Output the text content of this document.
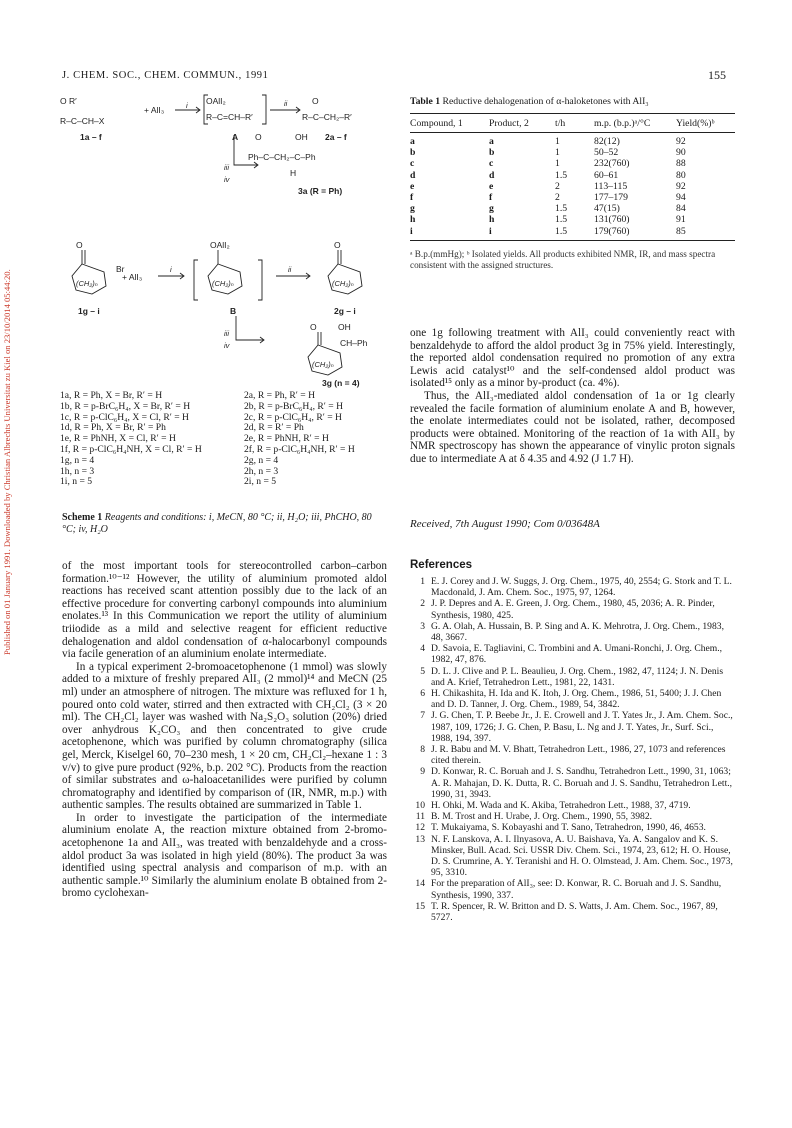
Published on 01 January 1991. Downloaded by Christian Albrechts Universitat zu Kiel on 23/10/2014 05:44:20.
J. CHEM. SOC., CHEM. COMMUN., 1991	155
O R′
R–C–CH–X
+ AlI₃
OAlI₂
R–C=CH–R′
O
R–C–CH₂–R′
O	OH
Ph–C–CH₂–C–Ph
H
Br
+ AlI₃
OAlI₂
O	O
O	OH
CH–Ph
(CH₂)ₙ	(CH₂)ₙ	(CH₂)ₙ
(CH₂)ₙ
i	ii
i	ii
iii
iv
iii
iv
1a – f	A	2a – f
3a (R = Ph)
1g – i	B	2g – i
3g (n = 4)
1a, R = Ph, X = Br, R′ = H	2a, R = Ph, R′ = H
1b, R = p-BrC₆H₄, X = Br, R′ = H	2b, R = p-BrC₆H₄, R′ = H
1c, R = p-ClC₆H₄, X = Cl, R′ = H	2c, R = p-ClC₆H₄, R′ = H
1d, R = Ph, X = Br, R′ = Ph	2d, R = R′ = Ph
1e, R = PhNH, X = Cl, R′ = H	2e, R = PhNH, R′ = H
1f, R = p-ClC₆H₄NH, X = Cl, R′ = H	2f, R = p-ClC₆H₄NH, R′ = H
1g, n = 4	2g, n = 4
1h, n = 3	2h, n = 3
1i, n = 5	2i, n = 5
Scheme 1 Reagents and conditions: i, MeCN, 80 °C; ii, H₂O; iii, PhCHO, 80 °C; iv, H₂O
Table 1 Reductive dehalogenation of α-haloketones with AlI₃
Compound, 1	Product, 2	t/h	m.p. (b.p.)ᵃ/°C	Yield(%)ᵇ
a	a	1	82(12)	92
b	b	1	50–52	90
c	c	1	232(760)	88
d	d	1.5	60–61	80
e	e	2	113–115	92
f	f	2	177–179	94
g	g	1.5	47(15)	84
h	h	1.5	131(760)	91
i	i	1.5	179(760)	85
ᵃ B.p.(mmHg); ᵇ Isolated yields. All products exhibited NMR, IR, and mass spectra consistent with the assigned structures.

one 1g following treatment with AlI₃ could conveniently react with benzaldehyde to afford the aldol product 3g in 75% yield. Interestingly, the reported aldol condensation required no promotion of any extra Lewis acid catalyst¹⁰ and the self-condensed aldol product was isolated¹⁵ only as a minor by-product (ca. 4%).

Thus, the AlI₃-mediated aldol condensation of 1a or 1g clearly revealed the facile formation of aluminium enolate A and B, however, the enolate intermediates could not be isolated, rather, decomposed products were obtained. Monitoring of the reaction of 1a with AlI₃ by NMR spectroscopy has shown the appearance of vinylic proton signals due to intermediate A at δ 4.35 and 4.92 (J 1.7 H).

Received, 7th August 1990; Com 0/03648A
References
1 E. J. Corey and J. W. Suggs, J. Org. Chem., 1975, 40, 2554; G. Stork and T. L. Macdonald, J. Am. Chem. Soc., 1975, 97, 1264.
2 J. P. Depres and A. E. Green, J. Org. Chem., 1980, 45, 2036; A. R. Pinder, Synthesis, 1980, 425.
3 G. A. Olah, A. Hussain, B. P. Sing and A. K. Mehrotra, J. Org. Chem., 1983, 48, 3667.
4 D. Savoia, E. Tagliavini, C. Trombini and A. Umani-Ronchi, J. Org. Chem., 1982, 47, 876.
5 D. L. J. Clive and P. L. Beaulieu, J. Org. Chem., 1982, 47, 1124; J. N. Denis and A. Krief, Tetrahedron Lett., 1981, 22, 1431.
6 H. Chikashita, H. Ida and K. Itoh, J. Org. Chem., 1986, 51, 5400; J. J. Chen and D. D. Tanner, J. Org. Chem., 1989, 54, 3842.
7 J. G. Chen, T. P. Beebe Jr., J. E. Crowell and J. T. Yates Jr., J. Am. Chem. Soc., 1987, 109, 1726; J. G. Chen, P. Basu, L. Ng and J. T. Yates, Jr., Surf. Sci., 1988, 194, 397.
8 J. R. Babu and M. V. Bhatt, Tetrahedron Lett., 1986, 27, 1073 and references cited therein.
9 D. Konwar, R. C. Boruah and J. S. Sandhu, Tetrahedron Lett., 1990, 31, 1063; A. R. Mahajan, D. K. Dutta, R. C. Boruah and J. S. Sandhu, Tetrahedron Lett., 1990, 31, 3943.
10 H. Ohki, M. Wada and K. Akiba, Tetrahedron Lett., 1988, 37, 4719.
11 B. M. Trost and H. Urabe, J. Org. Chem., 1990, 55, 3982.
12 T. Mukaiyama, S. Kobayashi and T. Sano, Tetrahedron, 1990, 46, 4653.
13 N. F. Lanskova, A. I. Ilnyasova, A. U. Baishava, Ya. A. Sangalov and K. S. Minsker, Bull. Acad. Sci. USSR Div. Chem. Sci., 1974, 23, 612; H. O. House, D. S. Crumrine, A. Y. Teranishi and H. O. Olmstead, J. Am. Chem. Soc., 1973, 95, 3310.
14 For the preparation of AlI₃, see: D. Konwar, R. C. Boruah and J. S. Sandhu, Synthesis, 1990, 337.
15 T. R. Spencer, R. W. Britton and D. S. Watts, J. Am. Chem. Soc., 1967, 89, 5727.

of the most important tools for stereocontrolled carbon–carbon formation.¹⁰⁻¹² However, the utility of aluminium promoted aldol reactions has received scant attention possibly due to the lack of an effective procedure for converting carbonyl compounds into aluminium enolates.¹³ In this Communication we report the utility of aluminium triiodide as a mild and selective reagent for efficient reductive dehalogenation and aldol condensation of α-halocarbonyl compounds via facile generation of an aluminium enolate intermediate.

In a typical experiment 2-bromoacetophenone (1 mmol) was slowly added to a mixture of freshly prepared AlI₃ (2 mmol)¹⁴ and MeCN (25 ml) under an atmosphere of nitrogen. The mixture was refluxed for 1 h, poured onto cold water, stirred and then extracted with CH₂Cl₂ (3 × 20 ml). The CH₂Cl₂ layer was washed with Na₂S₂O₃ solution (20%) dried over anhydrous K₂CO₃ and then concentrated to give crude acetophenone, which was purified by column chromatography (silica gel, Merck, Kiselgel 60, 70–230 mesh, 1 × 20 cm, CH₂Cl₂–hexane 1 : 3 v/v) to give pure product (92%, b.p. 202 °C). Products from the reaction of similar substrates and ω-haloacetanilides were purified by column chromatography and identified by comparison of (IR, NMR, m.p.) with authentic samples. The results obtained are summarized in Table 1.

In order to investigate the participation of the intermediate aluminium enolate A, the reaction mixture obtained from 2-bromo-acetophenone 1a and AlI₃, was treated with benzaldehyde and a cross-aldol product 3a was isolated in high yield (80%). The product 3a was identified using spectral analysis and comparison of m.p. with an authentic sample.¹⁰ Similarly the aluminium enolate B obtained from 2-bromo cyclohexan-
